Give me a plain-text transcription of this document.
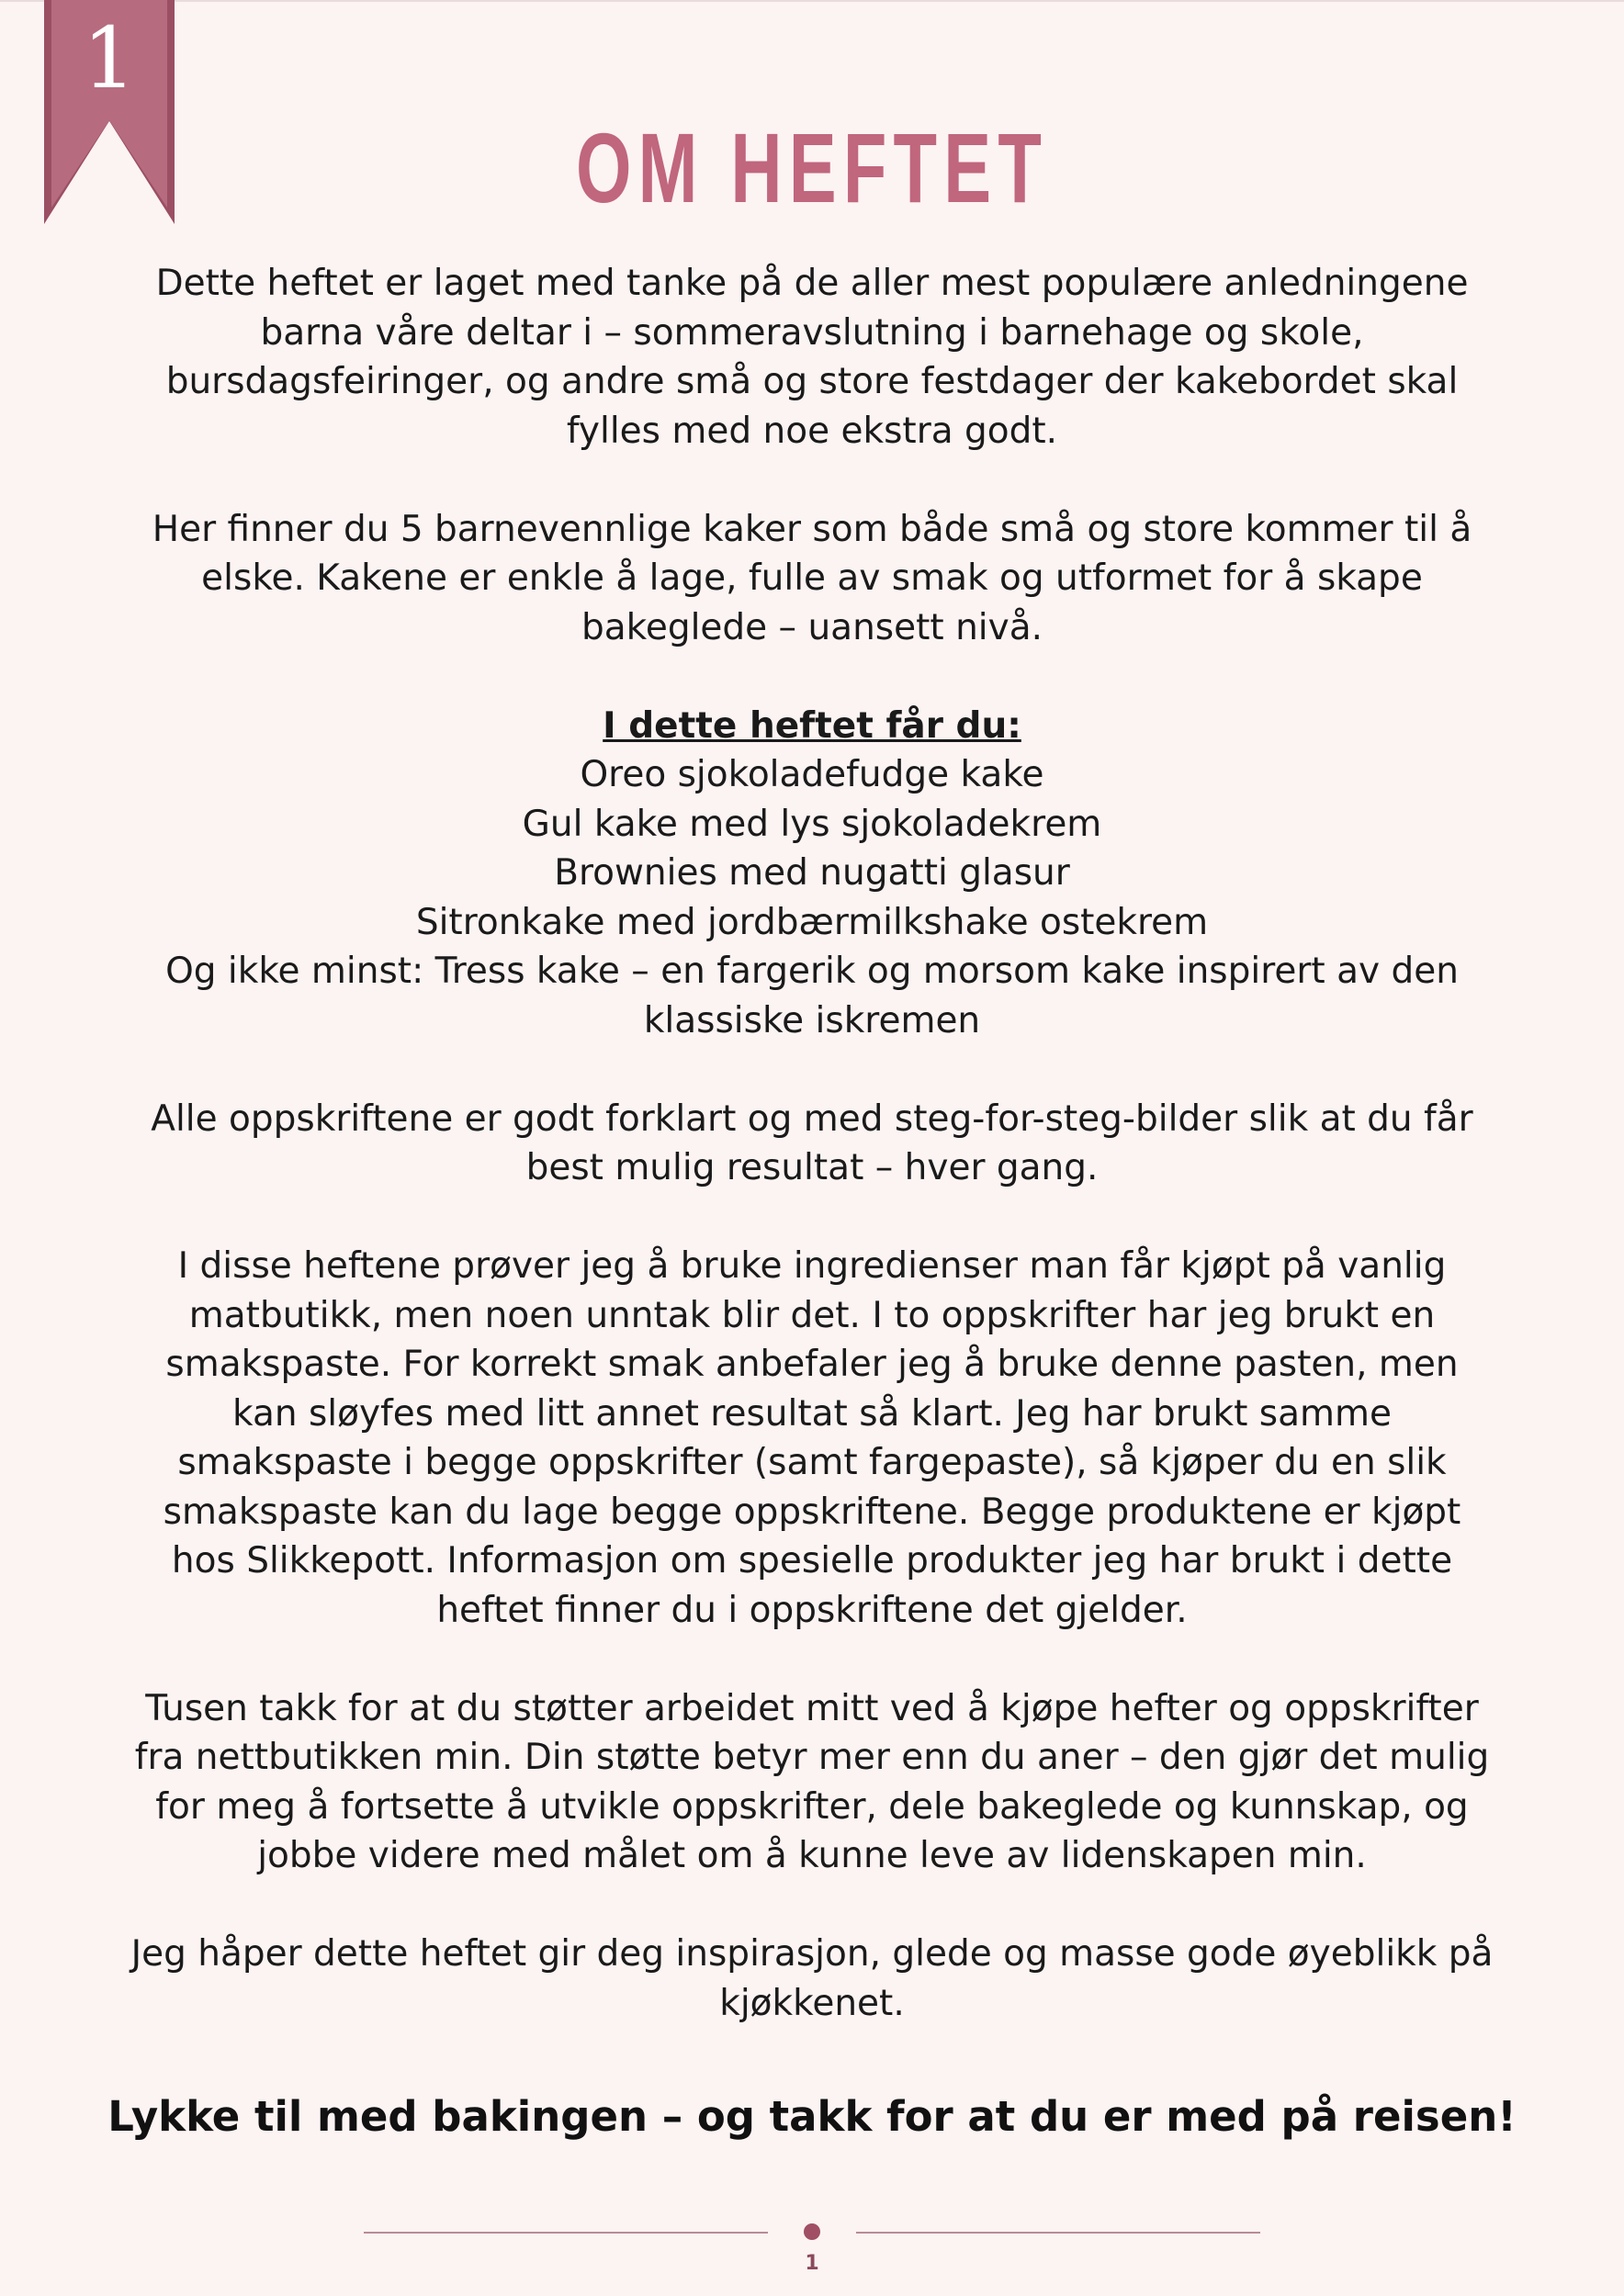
1
OM HEFTET

Dette heftet er laget med tanke på de aller mest populære anledningene barna våre deltar i – sommeravslutning i barnehage og skole, bursdagsfeiringer, og andre små og store festdager der kakebordet skal fylles med noe ekstra godt.

Her finner du 5 barnevennlige kaker som både små og store kommer til å elske. Kakene er enkle å lage, fulle av smak og utformet for å skape bakeglede – uansett nivå.

I dette heftet får du:
Oreo sjokoladefudge kake
Gul kake med lys sjokoladekrem
Brownies med nugatti glasur
Sitronkake med jordbærmilkshake ostekrem
Og ikke minst: Tress kake – en fargerik og morsom kake inspirert av den klassiske iskremen

Alle oppskriftene er godt forklart og med steg-for-steg-bilder slik at du får best mulig resultat – hver gang.

I disse heftene prøver jeg å bruke ingredienser man får kjøpt på vanlig matbutikk, men noen unntak blir det. I to oppskrifter har jeg brukt en smakspaste. For korrekt smak anbefaler jeg å bruke denne pasten, men kan sløyfes med litt annet resultat så klart. Jeg har brukt samme smakspaste i begge oppskrifter (samt fargepaste), så kjøper du en slik smakspaste kan du lage begge oppskriftene. Begge produktene er kjøpt hos Slikkepott. Informasjon om spesielle produkter jeg har brukt i dette heftet finner du i oppskriftene det gjelder.

Tusen takk for at du støtter arbeidet mitt ved å kjøpe hefter og oppskrifter fra nettbutikken min. Din støtte betyr mer enn du aner – den gjør det mulig for meg å fortsette å utvikle oppskrifter, dele bakeglede og kunnskap, og jobbe videre med målet om å kunne leve av lidenskapen min.

Jeg håper dette heftet gir deg inspirasjon, glede og masse gode øyeblikk på kjøkkenet.

Lykke til med bakingen – og takk for at du er med på reisen!
1
